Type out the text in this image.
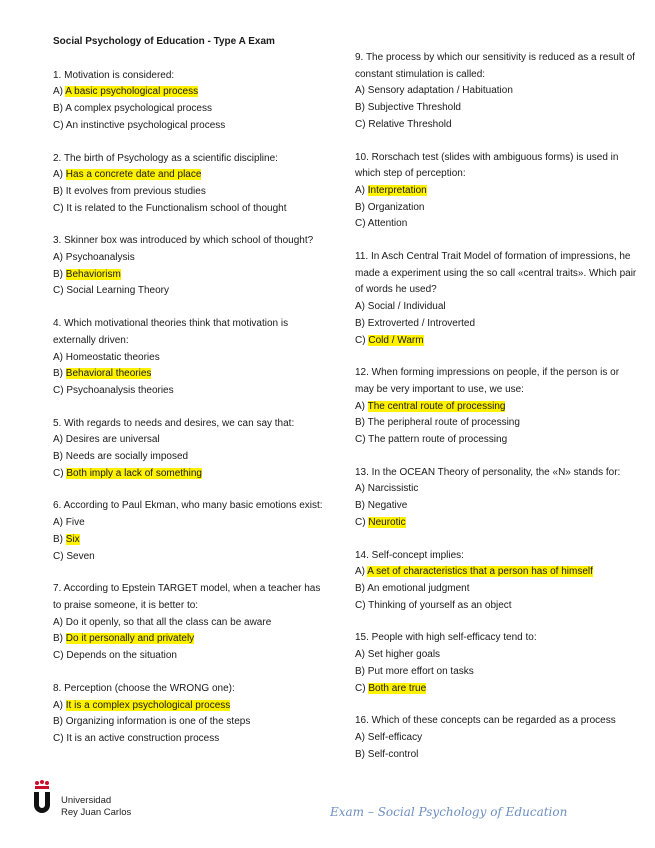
Social Psychology of Education - Type A Exam

1. Motivation is considered:

A) A basic psychological process

B) A complex psychological process

C) An instinctive psychological process

2. The birth of Psychology as a scientific discipline:

A) Has a concrete date and place

B) It evolves from previous studies

C) It is related to the Functionalism school of thought

3. Skinner box was introduced by which school of thought?

A) Psychoanalysis

B) Behaviorism

C) Social Learning Theory

4. Which motivational theories think that motivation is externally driven:

A) Homeostatic theories

B) Behavioral theories

C) Psychoanalysis theories

5. With regards to needs and desires, we can say that:

A) Desires are universal

B) Needs are socially imposed

C) Both imply a lack of something

6. According to Paul Ekman, who many basic emotions exist:

A) Five

B) Six

C) Seven

7. According to Epstein TARGET model, when a teacher has to praise someone, it is better to:

A) Do it openly, so that all the class can be aware

B) Do it personally and privately

C) Depends on the situation

8. Perception (choose the WRONG one):

A) It is a complex psychological process

B) Organizing information is one of the steps

C) It is an active construction process

9. The process by which our sensitivity is reduced as a result of constant stimulation is called:

A) Sensory adaptation / Habituation

B) Subjective Threshold

C) Relative Threshold

10. Rorschach test (slides with ambiguous forms) is used in which step of perception:

A) Interpretation

B) Organization

C) Attention

11. In Asch Central Trait Model of formation of impressions, he made a experiment using the so call «central traits». Which pair of words he used?

A) Social / Individual

B) Extroverted / Introverted

C) Cold / Warm

12. When forming impressions on people, if the person is or may be very important to use, we use:

A) The central route of processing

B) The peripheral route of processing

C) The pattern route of processing

13. In the OCEAN Theory of personality, the «N» stands for:

A) Narcissistic

B) Negative

C) Neurotic

14. Self-concept implies:

A) A set of characteristics that a person has of himself

B) An emotional judgment

C) Thinking of yourself as an object

15. People with high self-efficacy tend to:

A) Set higher goals

B) Put more effort on tasks

C) Both are true

16. Which of these concepts can be regarded as a process

A) Self-efficacy

B) Self-control

Universidad
Rey Juan Carlos	Exam – Social Psychology of Education
